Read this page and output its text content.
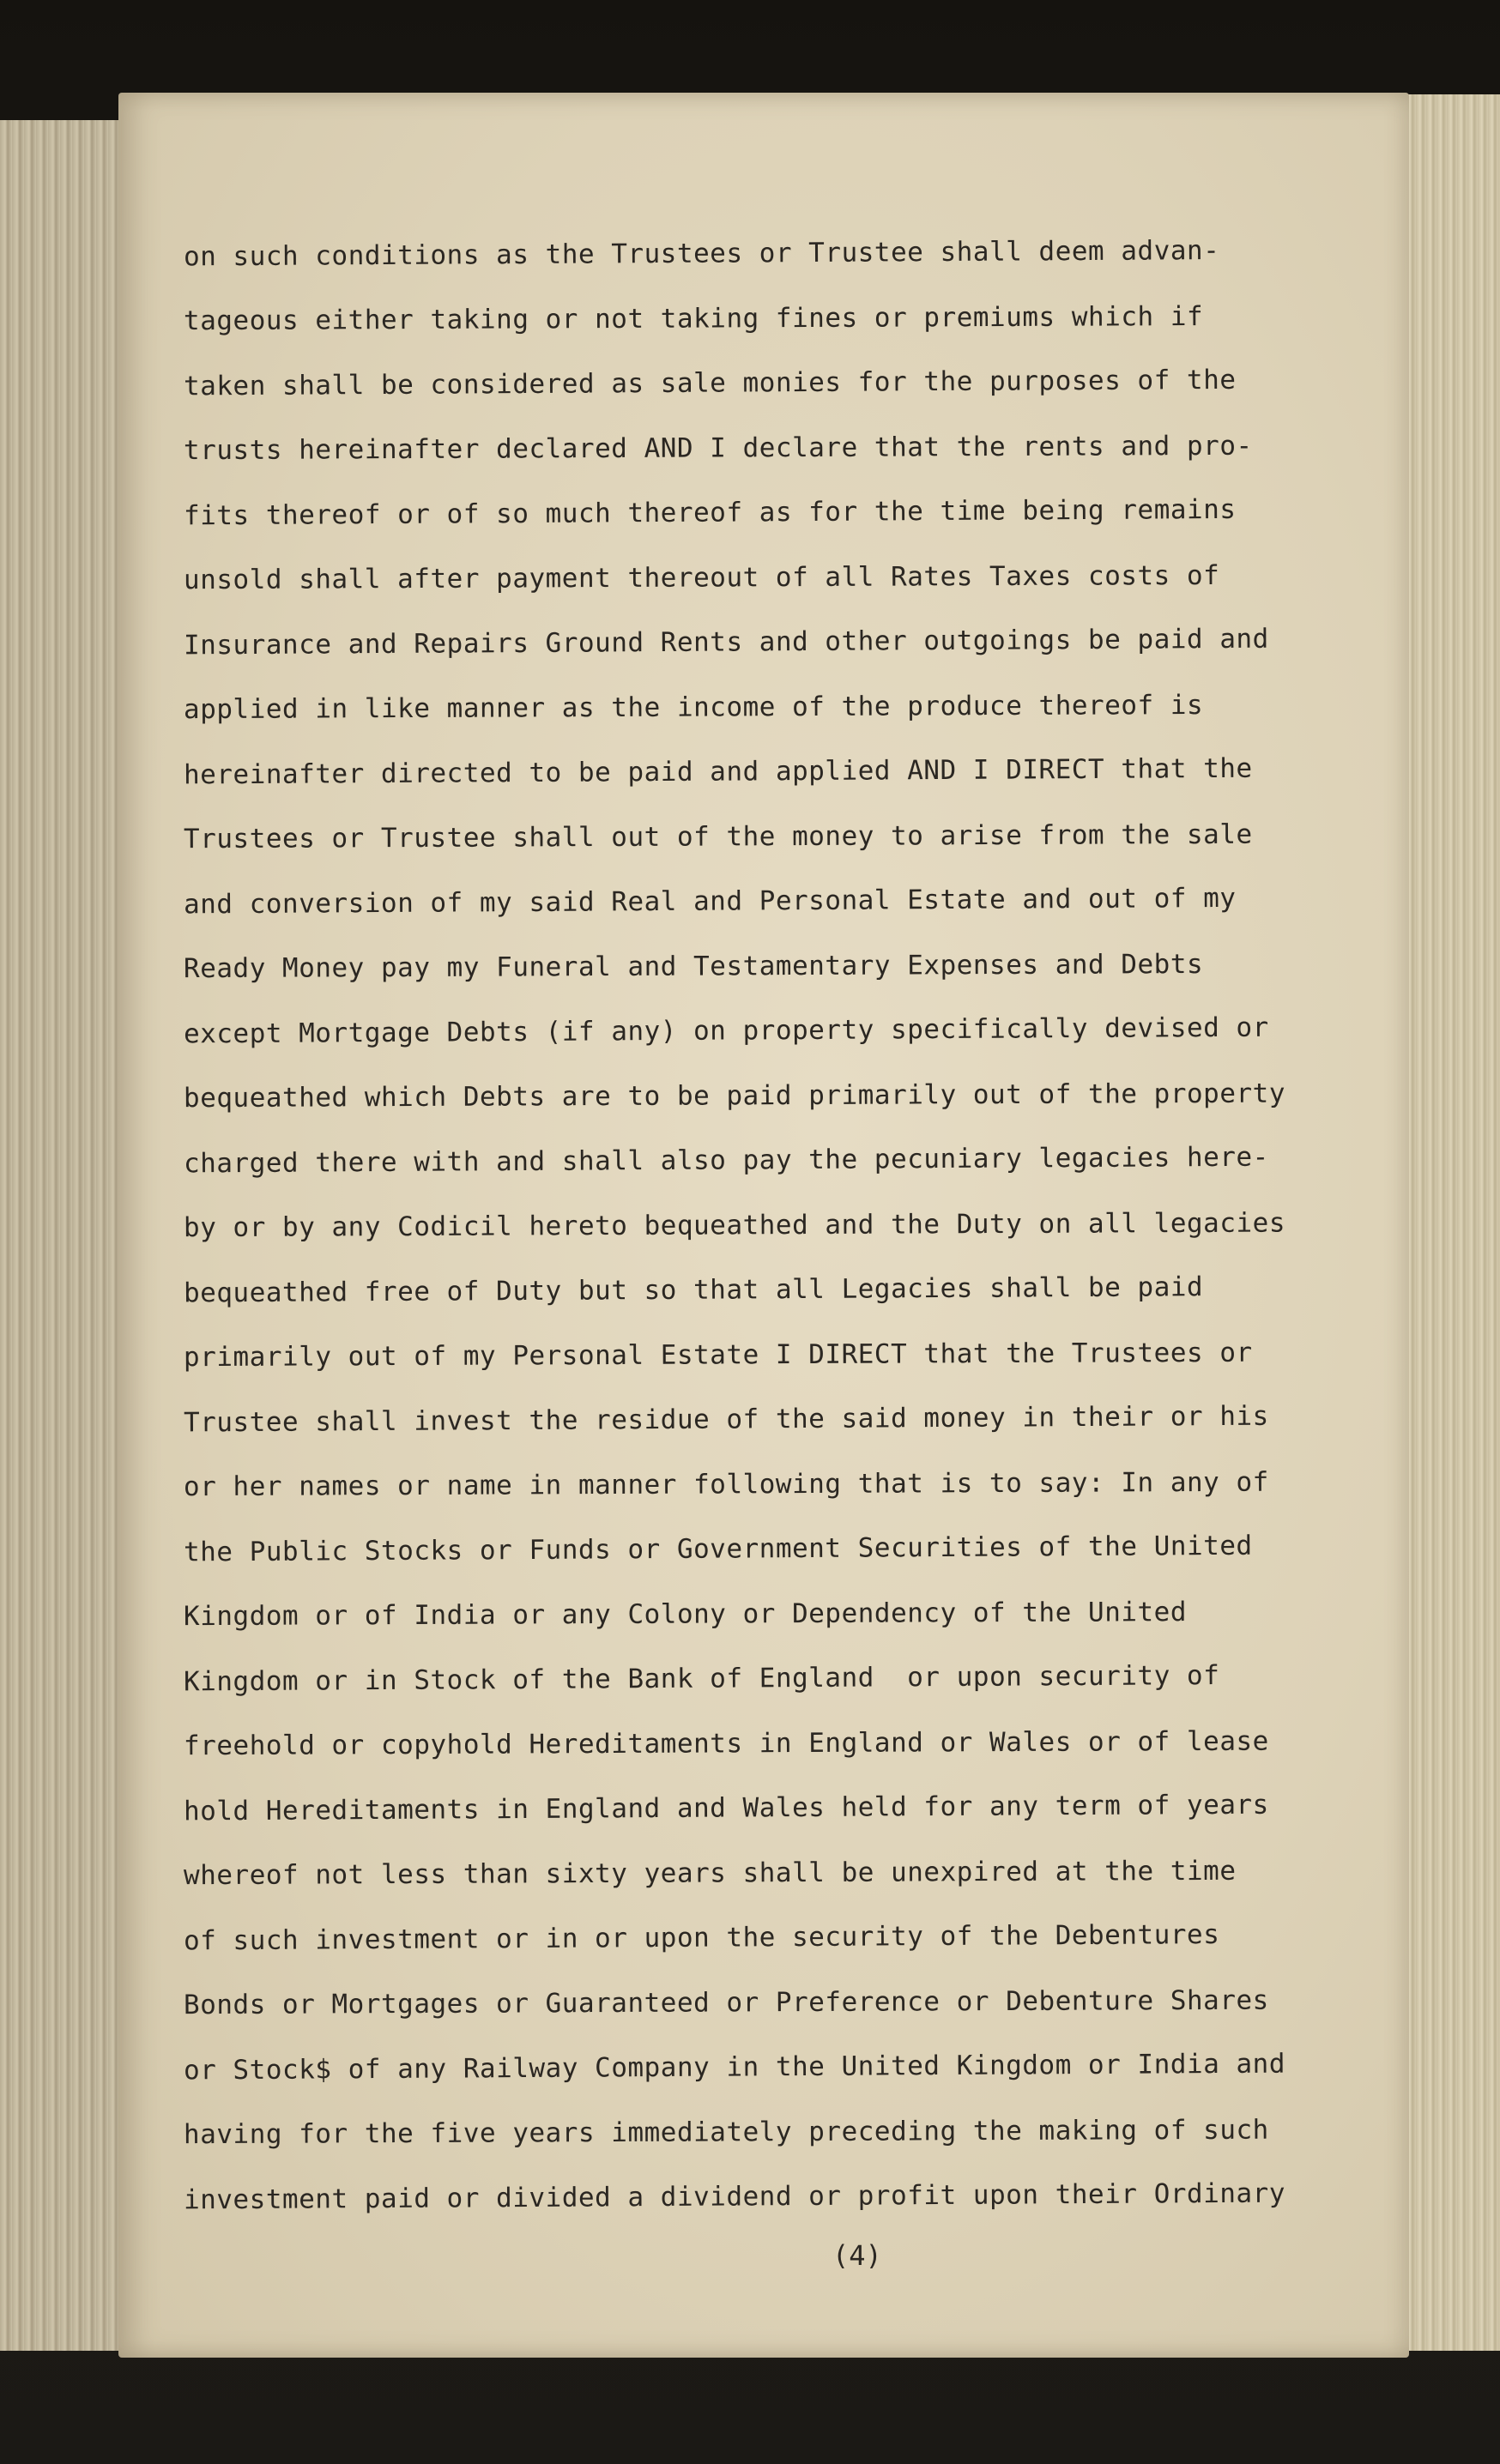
on such conditions as the Trustees or Trustee shall deem advan-
tageous either taking or not taking fines or premiums which if
taken shall be considered as sale monies for the purposes of the
trusts hereinafter declared AND I declare that the rents and pro-
fits thereof or of so much thereof as for the time being remains
unsold shall after payment thereout of all Rates Taxes costs of
Insurance and Repairs Ground Rents and other outgoings be paid and
applied in like manner as the income of the produce thereof is
hereinafter directed to be paid and applied AND I DIRECT that the
Trustees or Trustee shall out of the money to arise from the sale
and conversion of my said Real and Personal Estate and out of my
Ready Money pay my Funeral and Testamentary Expenses and Debts
except Mortgage Debts (if any) on property specifically devised or
bequeathed which Debts are to be paid primarily out of the property
charged there with and shall also pay the pecuniary legacies here-
by or by any Codicil hereto bequeathed and the Duty on all legacies
bequeathed free of Duty but so that all Legacies shall be paid
primarily out of my Personal Estate I DIRECT that the Trustees or
Trustee shall invest the residue of the said money in their or his
or her names or name in manner following that is to say: In any of
the Public Stocks or Funds or Government Securities of the United
Kingdom or of India or any Colony or Dependency of the United
Kingdom or in Stock of the Bank of England  or upon security of
freehold or copyhold Hereditaments in England or Wales or of lease
hold Hereditaments in England and Wales held for any term of years
whereof not less than sixty years shall be unexpired at the time
of such investment or in or upon the security of the Debentures
Bonds or Mortgages or Guaranteed or Preference or Debenture Shares
or Stock$ of any Railway Company in the United Kingdom or India and
having for the five years immediately preceding the making of such
investment paid or divided a dividend or profit upon their Ordinary
(4)
